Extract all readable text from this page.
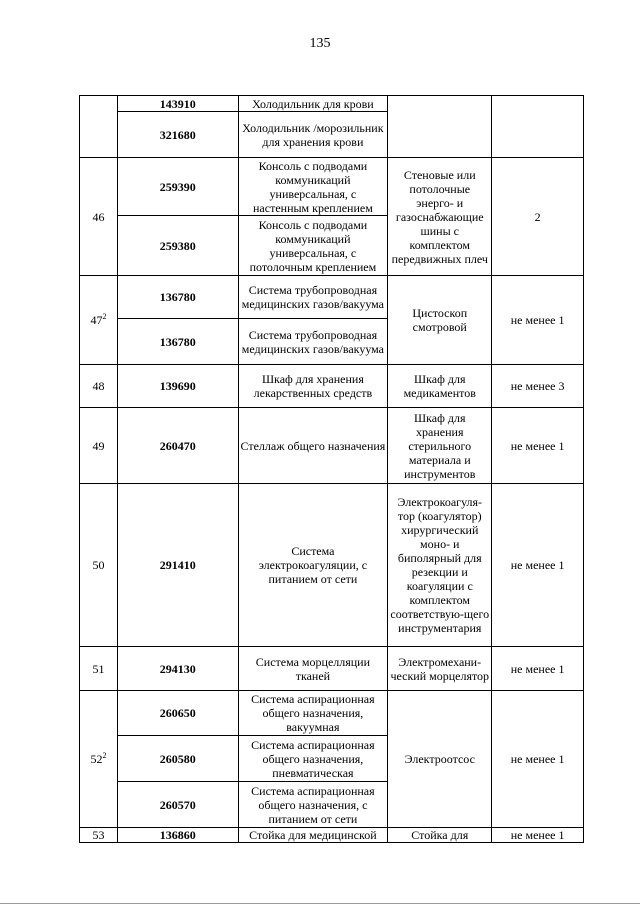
135
	143910	Холодильник для крови		
	321680	Холодильник /морозильник для хранения крови		
46	259390	Консоль с подводами коммуникаций универсальная, с настенным креплением	Стеновые или потолочные энерго- и газоснабжающие шины с комплектом передвижных плеч	2
	259380	Консоль с подводами коммуникаций универсальная, с потолочным креплением		
$47^2$	136780	Система трубопроводная медицинских газов/вакуума	Цистоскоп смотровой	не менее 1
	136780	Система трубопроводная медицинских газов/вакуума		
48	139690	Шкаф для хранения лекарственных средств	Шкаф для медикаментов	не менее 3
49	260470	Стеллаж общего назначения	Шкаф для хранения стерильного материала и инструментов	не менее 1
50	291410	Система электрокоагуляции, с питанием от сети	Электрокоагуля-тор (коагулятор) хирургический моно- и биполярный для резекции и коагуляции с комплектом соответствую-щего инструментария	не менее 1
51	294130	Система морцелляции тканей	Электромехани-ческий морцелятор	не менее 1
$52^2$	260650	Система аспирационная общего назначения, вакуумная	Электроотсос	не менее 1
	260580	Система аспирационная общего назначения, пневматическая		
	260570	Система аспирационная общего назначения, с питанием от сети		
53	136860	Стойка для медицинской	Стойка для	не менее 1
